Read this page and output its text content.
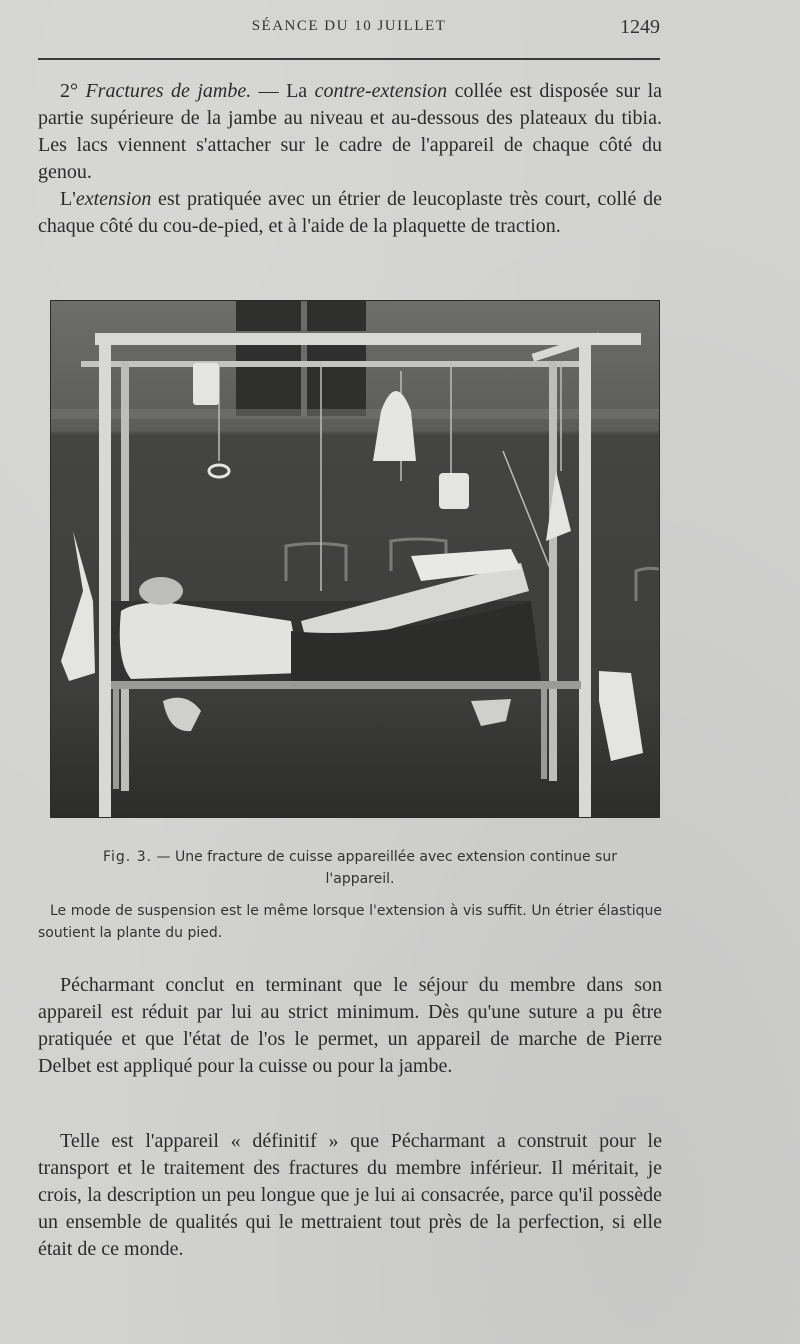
SÉANCE DU 10 JUILLET	1249

2° Fractures de jambe. — La contre-extension collée est disposée sur la partie supérieure de la jambe au niveau et au-dessous des plateaux du tibia. Les lacs viennent s'attacher sur le cadre de l'appareil de chaque côté du genou.

L'extension est pratiquée avec un étrier de leucoplaste très court, collé de chaque côté du cou-de-pied, et à l'aide de la plaquette de traction.

Fig. 3. — Une fracture de cuisse appareillée avec extension continue sur l'appareil.

Le mode de suspension est le même lorsque l'extension à vis suffit. Un étrier élastique soutient la plante du pied.

Pécharmant conclut en terminant que le séjour du membre dans son appareil est réduit par lui au strict minimum. Dès qu'une suture a pu être pratiquée et que l'état de l'os le permet, un appareil de marche de Pierre Delbet est appliqué pour la cuisse ou pour la jambe.

Telle est l'appareil « définitif » que Pécharmant a construit pour le transport et le traitement des fractures du membre inférieur. Il méritait, je crois, la description un peu longue que je lui ai consacrée, parce qu'il possède un ensemble de qualités qui le mettraient tout près de la perfection, si elle était de ce monde.
